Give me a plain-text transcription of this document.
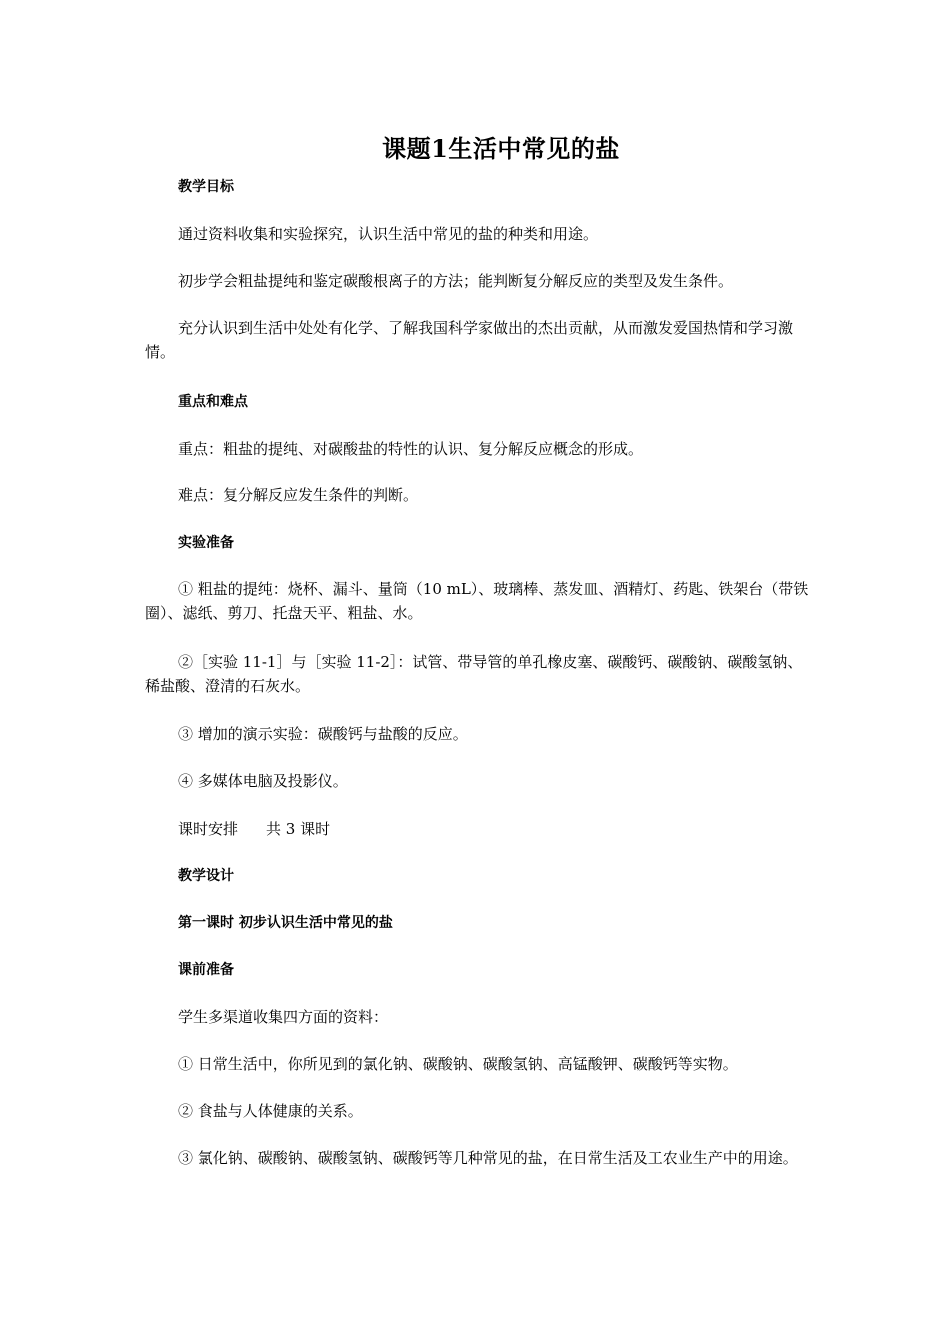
课题1生活中常见的盐

教学目标

通过资料收集和实验探究，认识生活中常见的盐的种类和用途。

初步学会粗盐提纯和鉴定碳酸根离子的方法；能判断复分解反应的类型及发生条件。

充分认识到生活中处处有化学、了解我国科学家做出的杰出贡献，从而激发爱国热情和学习激情。

重点和难点

重点：粗盐的提纯、对碳酸盐的特性的认识、复分解反应概念的形成。

难点：复分解反应发生条件的判断。

实验准备

① 粗盐的提纯：烧杯、漏斗、量筒（10 mL）、玻璃棒、蒸发皿、酒精灯、药匙、铁架台（带铁圈）、滤纸、剪刀、托盘天平、粗盐、水。

②［实验 11-1］与［实验 11-2］：试管、带导管的单孔橡皮塞、碳酸钙、碳酸钠、碳酸氢钠、稀盐酸、澄清的石灰水。

③ 增加的演示实验：碳酸钙与盐酸的反应。

④ 多媒体电脑及投影仪。

课时安排 共 3 课时

教学设计

第一课时 初步认识生活中常见的盐

课前准备

学生多渠道收集四方面的资料：

① 日常生活中，你所见到的氯化钠、碳酸钠、碳酸氢钠、高锰酸钾、碳酸钙等实物。

② 食盐与人体健康的关系。

③ 氯化钠、碳酸钠、碳酸氢钠、碳酸钙等几种常见的盐，在日常生活及工农业生产中的用途。
